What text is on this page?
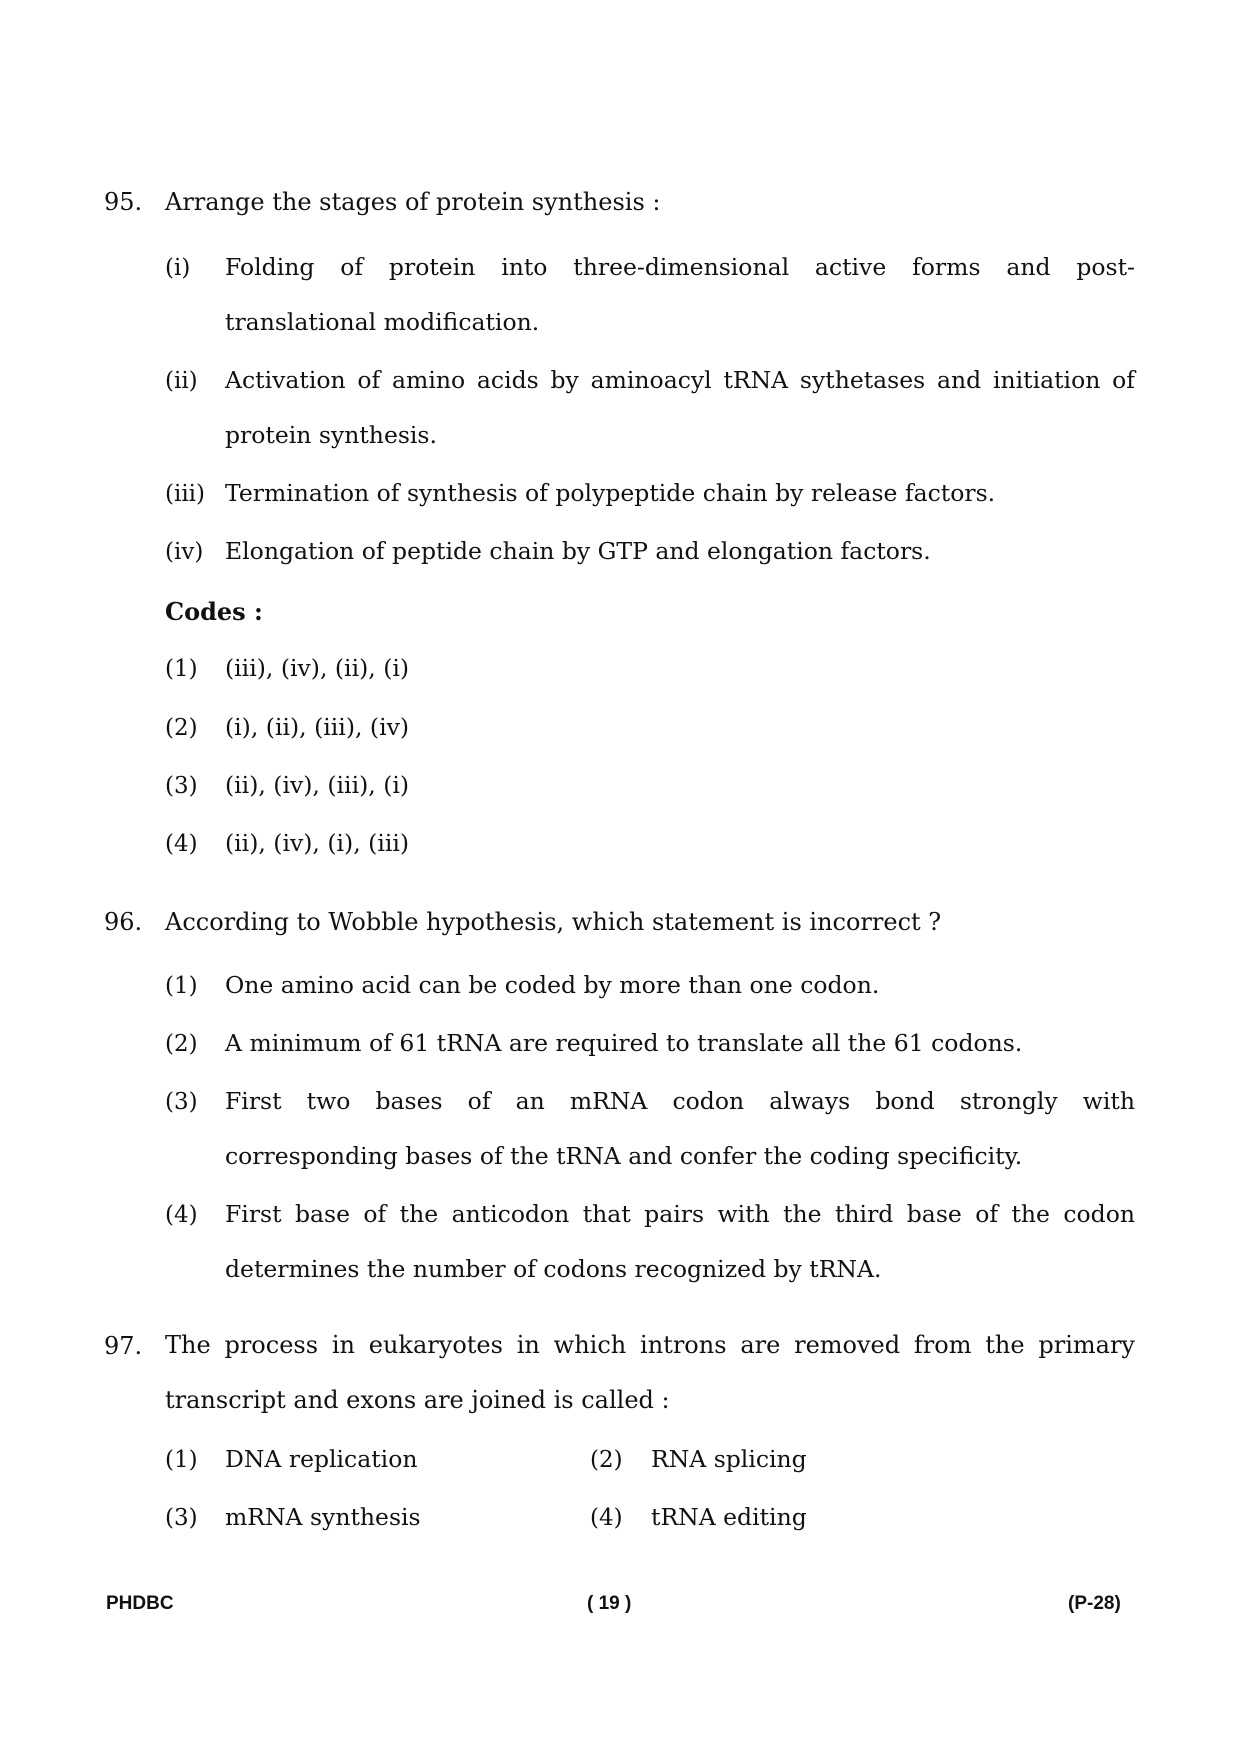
95. Arrange the stages of protein synthesis :
(i) Folding of protein into three-dimensional active forms and post-translational modification.
(ii) Activation of amino acids by aminoacyl tRNA sythetases and initiation of protein synthesis.
(iii) Termination of synthesis of polypeptide chain by release factors.
(iv) Elongation of peptide chain by GTP and elongation factors.
Codes :
(1) (iii), (iv), (ii), (i)
(2) (i), (ii), (iii), (iv)
(3) (ii), (iv), (iii), (i)
(4) (ii), (iv), (i), (iii)
96. According to Wobble hypothesis, which statement is incorrect ?
(1) One amino acid can be coded by more than one codon.
(2) A minimum of 61 tRNA are required to translate all the 61 codons.
(3) First two bases of an mRNA codon always bond strongly with corresponding bases of the tRNA and confer the coding specificity.
(4) First base of the anticodon that pairs with the third base of the codon determines the number of codons recognized by tRNA.
97. The process in eukaryotes in which introns are removed from the primary transcript and exons are joined is called :
(1) DNA replication	(2) RNA splicing
(3) mRNA synthesis	(4) tRNA editing
PHDBC	( 19 )	(P-28)
